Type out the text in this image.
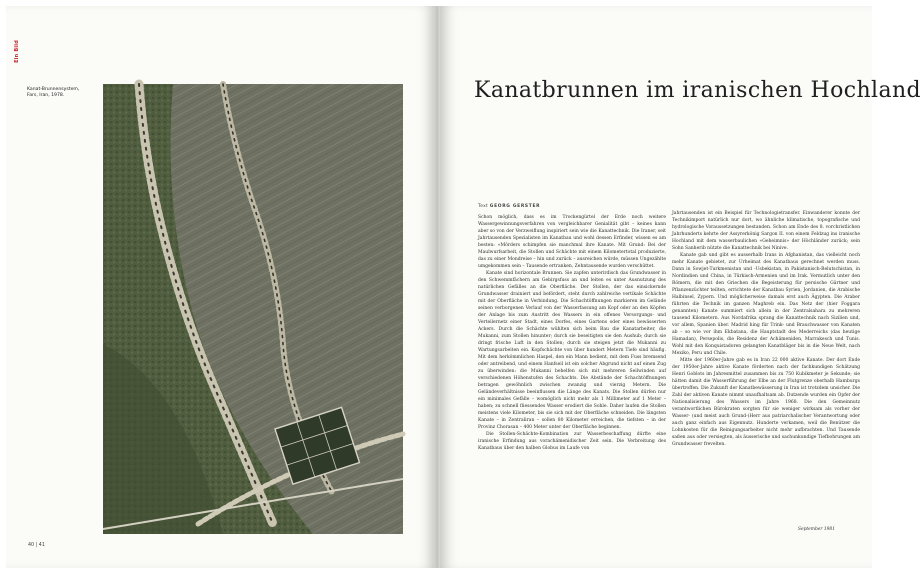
Ein Bild
Kanat-Brunnensystem,
Fars, Iran, 1978.
40 | 41
Kanatbrunnen im iranischen Hochland
Text GEORG GERSTER

Schon möglich, dass es im Trockengürtel der Erde noch weitere Wassergewinnungsverfahren von vergleichbarer Genialität gibt – keines kann aber so von der Verzweiflung inspiriert sein wie die Kanattechnik. Die Iraner, seit Jahrtausenden Spezialisten im Kanatbau und wohl dessen Erfinder, wissen es am besten: «Mörders schimpfen sie manchmal ihre Kanate. Mit Grund: Bei der Maulwurfsarbeit, die Stollen und Schächte mit einem Kilometertotal produzierte, das zu einer Mondreise – hin und zurück – ausreichen würde, müssen Ungezählte umgekommen sein – Tausende ertranken, Zehntausende wurden verschüttet.

Kanate sind horizontale Brunnen. Sie zapfen unterirdisch das Grundwasser in den Schwemmfächern am Gebirgsfuss an und leiten es unter Ausnutzung des natürlichen Gefälles an die Oberfläche. Der Stollen, der das einsickernde Grundwasser drainiert und befördert, steht durch zahlreiche vertikale Schächte mit der Oberfläche in Verbindung. Die Schachtöffnungen markieren im Gelände seinen verborgenen Verlauf von der Wasserfassung am Kopf oder an den Köpfen der Anlage bis zum Austritt des Wassers in ein offenes Versorgungs- und Verteilernetz einer Stadt, eines Dorfes, eines Gartens oder eines bewässerten Ackers. Durch die Schächte wühlten sich beim Bau die Kanatarbeiter, die Mukanni, zum Stollen hinunter; durch sie beseitigten sie den Aushub; durch sie dringt frische Luft in den Stollen; durch sie steigen jetzt die Mukanni zu Wartungsarbeiten ein. Kopfschächte von über hundert Metern Tiefe sind häufig. Mit dem herkömmlichen Haspel, den ein Mann bedient, mit dem Fuss bremsend oder antreibend, und einem Hanfseil ist ein solcher Abgrund nicht auf einen Zug zu überwinden: die Mukanni behelfen sich mit mehreren Seilwinden auf verschiedenen Höhenstufen des Schachts. Die Abstände der Schachtöffnungen betragen gewöhnlich zwischen zwanzig und vierzig Metern. Die Geländeverhältnisse beeinflussen die Länge des Kanats. Die Stollen dürfen nur ein minimales Gefälle – womöglich nicht mehr als 1 Millimeter auf 1 Meter – haben; zu schnell fliessendes Wasser erodiert die Sohle. Daher laufen die Stollen meistens viele Kilometer, bis sie sich mit der Oberfläche schneiden. Die längsten Kanate – in Zentraliran – sollen 80 Kilometer erreichen, die tiefsten – in der Provinz Chorasan – 400 Meter unter der Oberfläche beginnen.

Die Stollen-Schächte-Kombination zur Wasserbeschaffung dürfte eine iranische Erfindung aus vorachämenidischer Zeit sein. Die Verbreitung des Kanatbaus über den halben Globus im Laufe von

Jahrtausenden ist ein Beispiel für Technologietransfer. Einwanderer konnte der Technikimport natürlich nur dort, wo ähnliche klimatische, topografische und hydrologische Voraussetzungen bestanden. Schon am Ende des 8. vorchristlichen Jahrhunderts kehrte der Assyrerkönig Sargon II. von einem Feldzug ins iranische Hochland mit dem wasserbaulichen «Geheimnis» der Höchländer zurück; sein Sohn Sanherib nützte die Kanattechnik bei Ninive.

Kanate gab und gibt es ausserhalb Irans in Afghanistan, das vielleicht noch mehr Kanate gebietet, zur Urheimat des Kanatbaus gerechnet werden muss. Dann in Sowjet-Turkmenistan und -Usbekistan, in Pakistanisch-Belutschistan, in Nordindien und China, in Türkisch-Armenien und im Irak. Vermutlich unter den Römern, die mit den Griechen die Begeisterung für persische Gärtner und Pflanzenzüchter teilten, errichtete der Kanatbau Syrien, Jordanien, die Arabische Halbinsel, Zypern. Und möglicherweise damals erst auch Ägypten. Die Araber führten die Technik im ganzen Maghreb ein. Das Netz der (hier Foggara genannten) Kanate summiert sich allein in der Zentralsahara zu mehreren tausend Kilometern. Aus Nordafrika sprang die Kanattechnik nach Sizilien und, vor allem, Spanien über. Madrid hing für Trink- und Brauchwasser von Kanaten ab – so wie vor ihm Ekbatana, die Hauptstadt des Mederreichs (das heutige Hamadan), Persepolis, die Residenz der Achämeniden, Marrakesch und Tunis. Wohl mit den Konquistadoren gelangten Kanatbläger bis in die Neue Welt, nach Mexiko, Peru und Chile.

Mitte der 1960er-Jahre gab es in Iran 22 000 aktive Kanate. Der dort Ende der 1950er-Jahre aktive Kanate förderten nach der fachkundigen Schätzung Henri Goblots im Jahresmittel zusammen bis zu 750 Kubikmeter je Sekunde; sie hätten damit die Wasserführung der Elbe an der Flutgrenze oberhalb Hamburgs übertroffen. Die Zukunft der Kanatbewässerung in Iran ist trotzdem unsicher. Die Zahl der aktiven Kanate nimmt unaufhaltsam ab. Dutzende wurden ein Opfer der Nationalisierung des Wassers im Jahre 1968. Die den Gemeinnutz verantwortlichen Bürokraten sorgten für sie weniger wirksam als vorher der Wasser- (und meist auch Grund-)Herr aus patriarchalischer Verantwortung oder auch ganz einfach aus Eigennutz. Hunderte verkamen, weil die Benützer die Lohnkosten für die Reinigungsarbeiter nicht mehr aufbrachten. Und Tausende saßen aus oder versiegten, als äusserische und sachunkundige Tiefbohrungen am Grundwasser frevelten.

September 1981
